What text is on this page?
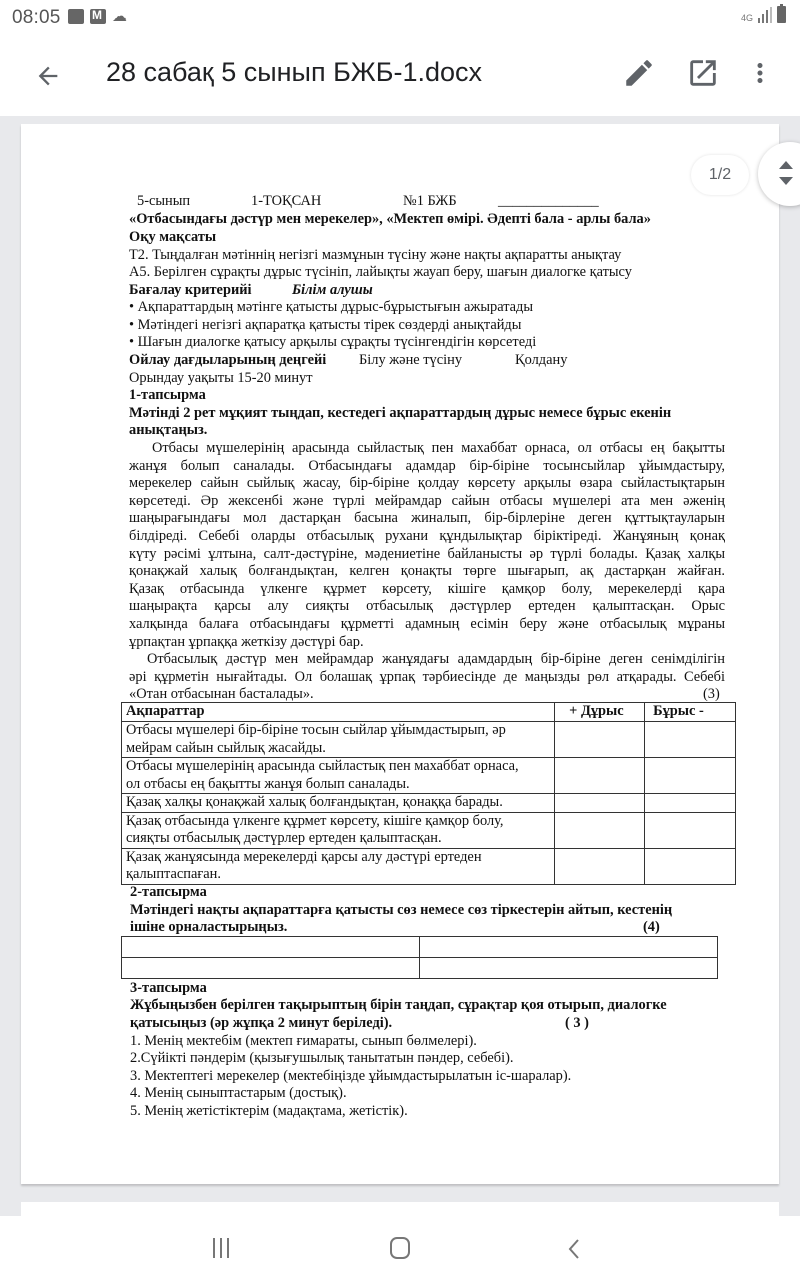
08:05 M	☁	4G
28 сабақ 5 сынып БЖБ-1.docx
5-сынып	1-ТОҚСАН	№1 БЖБ	______________
«Отбасындағы дәстүр мен мерекелер», «Мектеп өмірі. Әдепті бала - арлы бала»
Оқу мақсаты
Т2. Тыңдалған мәтіннің негізгі мазмұнын түсіну және нақты ақпаратты анықтау
А5. Берілген сұрақты дұрыс түсініп, лайықты жауап беру, шағын диалогке қатысу
Бағалау критерийі	Білім алушы
• Ақпараттардың мәтінге қатысты дұрыс-бұрыстығын ажыратады
• Мәтіндегі негізгі ақпаратқа қатысты тірек сөздерді анықтайды
• Шағын диалогке қатысу арқылы сұрақты түсінгендігін көрсетеді
Ойлау дағдыларының деңгейі Білу және түсіну	Қолдану
Орындау уақыты 15-20 минут
1-тапсырма
Мәтінді 2 рет мұқият тыңдап, кестедегі ақпараттардың дұрыс немесе бұрыс екенін
анықтаңыз.
Отбасы мүшелерінің арасында сыйластық пен махаббат орнаса, ол отбасы ең бақытты
жанұя болып саналады. Отбасындағы адамдар бір-біріне тосынсыйлар ұйымдастыру,
мерекелер сайын сыйлық жасау, бір-біріне қолдау көрсету арқылы өзара сыйластықтарын
көрсетеді. Әр жексенбі және түрлі мейрамдар сайын отбасы мүшелері ата мен әженің
шаңырағындағы мол дастарқан басына жиналып, бір-бірлеріне деген құттықтауларын
білдіреді. Себебі оларды отбасылық рухани құндылықтар біріктіреді. Жанұяның қонақ
күту рәсімі ұлтына, салт-дәстүріне, мәдениетіне байланысты әр түрлі болады. Қазақ халқы
қонақжай халық болғандықтан, келген қонақты төрге шығарып, ақ дастарқан жайған.
Қазақ отбасында үлкенге құрмет көрсету, кішіге қамқор болу, мерекелерді қара
шаңырақта қарсы алу сияқты отбасылық дәстүрлер ертеден қалыптасқан. Орыс
халқында балаға отбасындағы құрметті адамның есімін беру және отбасылық мұраны
ұрпақтан ұрпаққа жеткізу дәстүрі бар.
Отбасылық дәстүр мен мейрамдар жанұядағы адамдардың бір-біріне деген сенімділігін
әрі құрметін нығайтады. Ол болашақ ұрпақ тәрбиесінде де маңызды рөл атқарады. Себебі
«Отан отбасынан басталады».	(3)
Ақпараттар	+ Дұрыс	Бұрыс -
Отбасы мүшелері бір-біріне тосын сыйлар ұйымдастырып, әр
мейрам сайын сыйлық жасайды.		
Отбасы мүшелерінің арасында сыйластық пен махаббат орнаса,
ол отбасы ең бақытты жанұя болып саналады.		
Қазақ халқы қонақжай халық болғандықтан, қонаққа барады.		
Қазақ отбасында үлкенге құрмет көрсету, кішіге қамқор болу,
сияқты отбасылық дәстүрлер ертеден қалыптасқан.		
Қазақ жанұясында мерекелерді қарсы алу дәстүрі ертеден
қалыптаспаған.		
2-тапсырма
Мәтіндегі нақты ақпараттарға қатысты сөз немесе сөз тіркестерін айтып, кестенің
ішіне орналастырыңыз.	(4)
3-тапсырма
Жұбыңызбен берілген тақырыптың бірін таңдап, сұрақтар қоя отырып, диалогке
қатысыңыз (әр жұпқа 2 минут беріледі).	( 3 )
1. Менің мектебім (мектеп ғимараты, сынып бөлмелері).
2.Сүйікті пәндерім (қызығушылық танытатын пәндер, себебі).
3. Мектептегі мерекелер (мектебіңізде ұйымдастырылатын іс-шаралар).
4. Менің сыныптастарым (достық).
5. Менің жетістіктерім (мадақтама, жетістік).

1/2
